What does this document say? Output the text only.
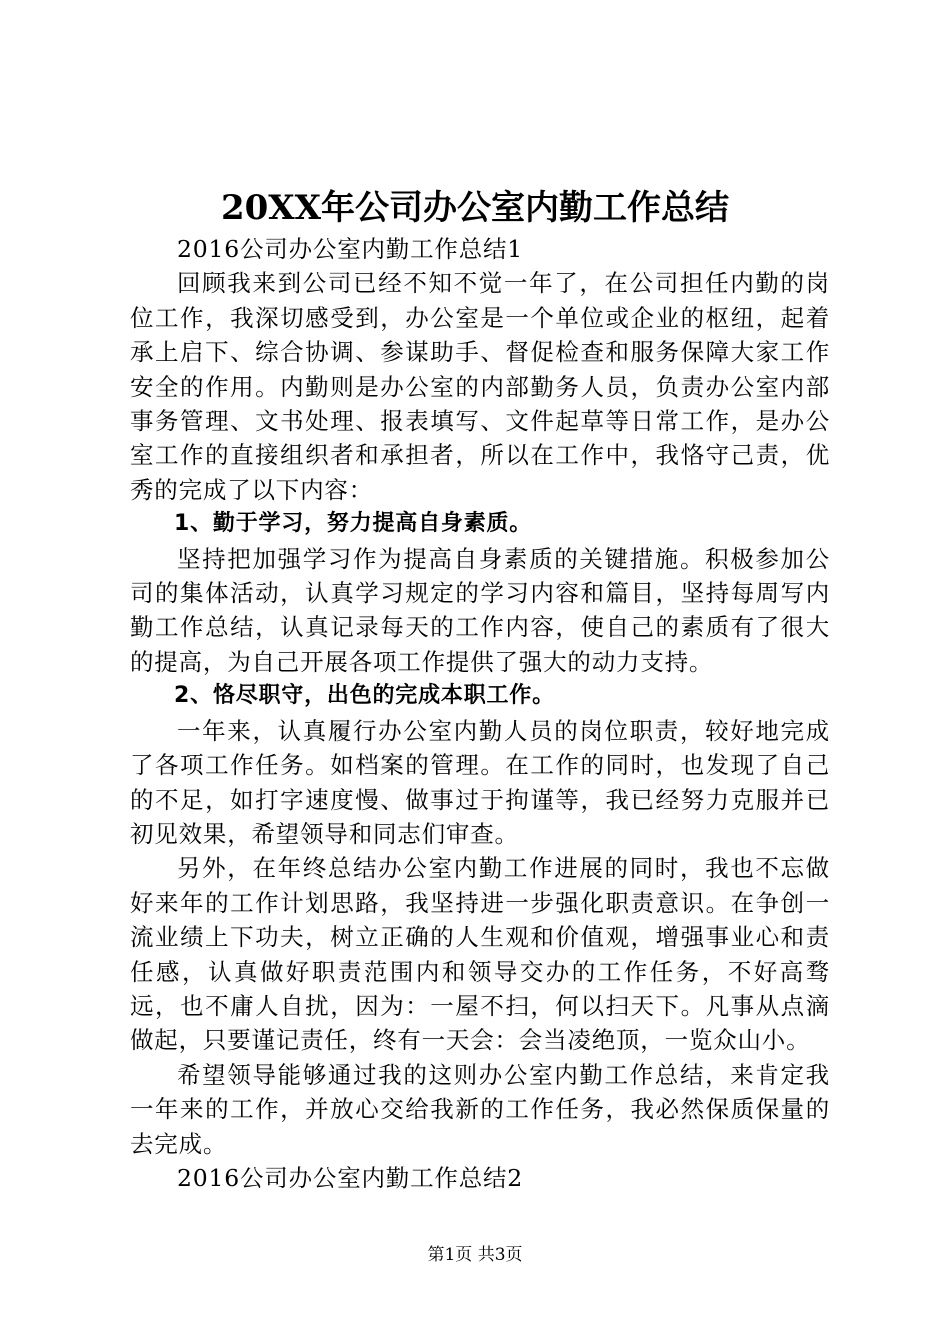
20XX年公司办公室内勤工作总结

2016公司办公室内勤工作总结1

回顾我来到公司已经不知不觉一年了，在公司担任内勤的岗位工作，我深切感受到，办公室是一个单位或企业的枢纽，起着承上启下、综合协调、参谋助手、督促检查和服务保障大家工作安全的作用。内勤则是办公室的内部勤务人员，负责办公室内部事务管理、文书处理、报表填写、文件起草等日常工作，是办公室工作的直接组织者和承担者，所以在工作中，我恪守己责，优秀的完成了以下内容：

1、勤于学习，努力提高自身素质。

坚持把加强学习作为提高自身素质的关键措施。积极参加公司的集体活动，认真学习规定的学习内容和篇目，坚持每周写内勤工作总结，认真记录每天的工作内容，使自己的素质有了很大的提高，为自己开展各项工作提供了强大的动力支持。

2、恪尽职守，出色的完成本职工作。

一年来，认真履行办公室内勤人员的岗位职责，较好地完成了各项工作任务。如档案的管理。在工作的同时，也发现了自己的不足，如打字速度慢、做事过于拘谨等，我已经努力克服并已初见效果，希望领导和同志们审查。

另外，在年终总结办公室内勤工作进展的同时，我也不忘做好来年的工作计划思路，我坚持进一步强化职责意识。在争创一流业绩上下功夫，树立正确的人生观和价值观，增强事业心和责任感，认真做好职责范围内和领导交办的工作任务，不好高骛远，也不庸人自扰，因为：一屋不扫，何以扫天下。凡事从点滴做起，只要谨记责任，终有一天会：会当凌绝顶，一览众山小。

希望领导能够通过我的这则办公室内勤工作总结，来肯定我一年来的工作，并放心交给我新的工作任务，我必然保质保量的去完成。

2016公司办公室内勤工作总结2

第1页 共3页
